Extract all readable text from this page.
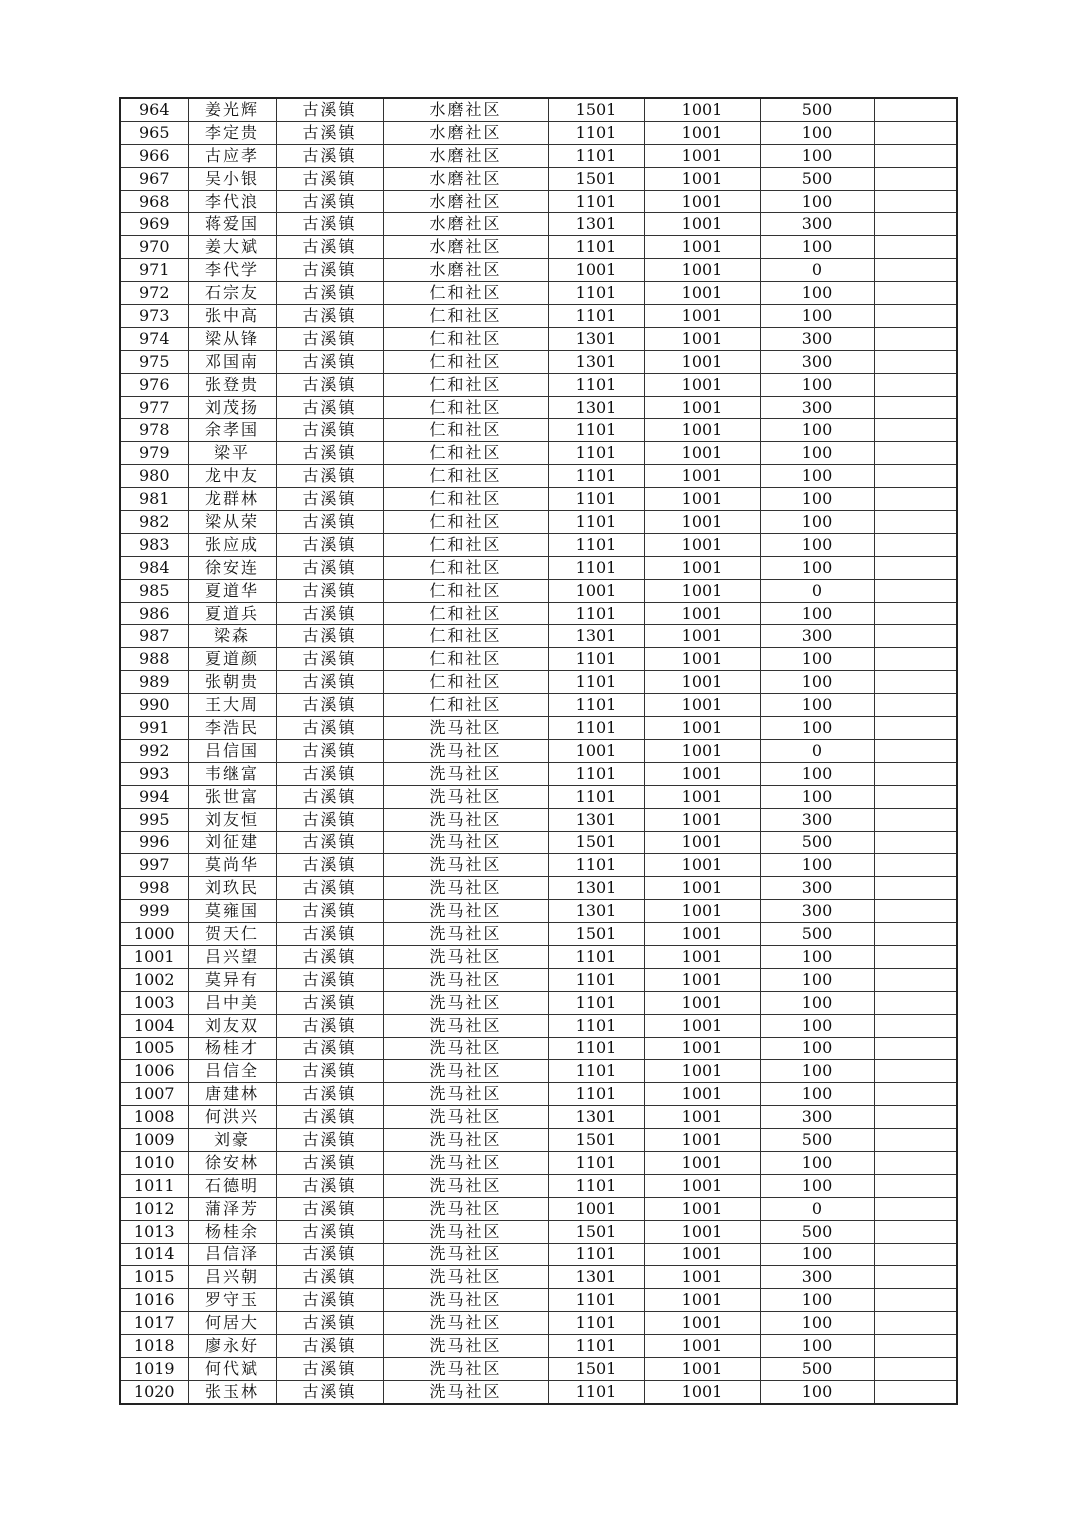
964	姜光辉	古溪镇	水磨社区	1501	1001	500	
965	李定贵	古溪镇	水磨社区	1101	1001	100	
966	古应孝	古溪镇	水磨社区	1101	1001	100	
967	吴小银	古溪镇	水磨社区	1501	1001	500	
968	李代浪	古溪镇	水磨社区	1101	1001	100	
969	蒋爱国	古溪镇	水磨社区	1301	1001	300	
970	姜大斌	古溪镇	水磨社区	1101	1001	100	
971	李代学	古溪镇	水磨社区	1001	1001	0	
972	石宗友	古溪镇	仁和社区	1101	1001	100	
973	张中高	古溪镇	仁和社区	1101	1001	100	
974	梁从锋	古溪镇	仁和社区	1301	1001	300	
975	邓国南	古溪镇	仁和社区	1301	1001	300	
976	张登贵	古溪镇	仁和社区	1101	1001	100	
977	刘茂扬	古溪镇	仁和社区	1301	1001	300	
978	余孝国	古溪镇	仁和社区	1101	1001	100	
979	梁平	古溪镇	仁和社区	1101	1001	100	
980	龙中友	古溪镇	仁和社区	1101	1001	100	
981	龙群林	古溪镇	仁和社区	1101	1001	100	
982	梁从荣	古溪镇	仁和社区	1101	1001	100	
983	张应成	古溪镇	仁和社区	1101	1001	100	
984	徐安连	古溪镇	仁和社区	1101	1001	100	
985	夏道华	古溪镇	仁和社区	1001	1001	0	
986	夏道兵	古溪镇	仁和社区	1101	1001	100	
987	梁森	古溪镇	仁和社区	1301	1001	300	
988	夏道颜	古溪镇	仁和社区	1101	1001	100	
989	张朝贵	古溪镇	仁和社区	1101	1001	100	
990	王大周	古溪镇	仁和社区	1101	1001	100	
991	李浩民	古溪镇	洗马社区	1101	1001	100	
992	吕信国	古溪镇	洗马社区	1001	1001	0	
993	韦继富	古溪镇	洗马社区	1101	1001	100	
994	张世富	古溪镇	洗马社区	1101	1001	100	
995	刘友恒	古溪镇	洗马社区	1301	1001	300	
996	刘征建	古溪镇	洗马社区	1501	1001	500	
997	莫尚华	古溪镇	洗马社区	1101	1001	100	
998	刘玖民	古溪镇	洗马社区	1301	1001	300	
999	莫雍国	古溪镇	洗马社区	1301	1001	300	
1000	贺天仁	古溪镇	洗马社区	1501	1001	500	
1001	吕兴望	古溪镇	洗马社区	1101	1001	100	
1002	莫异有	古溪镇	洗马社区	1101	1001	100	
1003	吕中美	古溪镇	洗马社区	1101	1001	100	
1004	刘友双	古溪镇	洗马社区	1101	1001	100	
1005	杨桂才	古溪镇	洗马社区	1101	1001	100	
1006	吕信全	古溪镇	洗马社区	1101	1001	100	
1007	唐建林	古溪镇	洗马社区	1101	1001	100	
1008	何洪兴	古溪镇	洗马社区	1301	1001	300	
1009	刘豪	古溪镇	洗马社区	1501	1001	500	
1010	徐安林	古溪镇	洗马社区	1101	1001	100	
1011	石德明	古溪镇	洗马社区	1101	1001	100	
1012	蒲泽芳	古溪镇	洗马社区	1001	1001	0	
1013	杨桂余	古溪镇	洗马社区	1501	1001	500	
1014	吕信泽	古溪镇	洗马社区	1101	1001	100	
1015	吕兴朝	古溪镇	洗马社区	1301	1001	300	
1016	罗守玉	古溪镇	洗马社区	1101	1001	100	
1017	何居大	古溪镇	洗马社区	1101	1001	100	
1018	廖永好	古溪镇	洗马社区	1101	1001	100	
1019	何代斌	古溪镇	洗马社区	1501	1001	500	
1020	张玉林	古溪镇	洗马社区	1101	1001	100	
